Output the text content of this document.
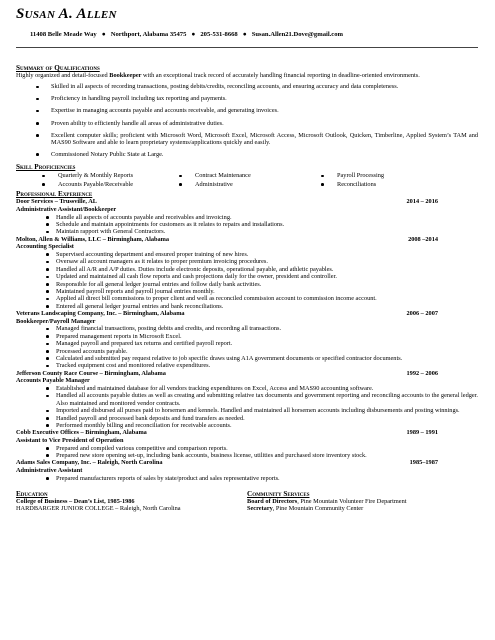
Susan A. Allen
11408 Belle Meade Way ● Northport, Alabama 35475 ● 205-531-8668 ● Susan.Allen21.Dove@gmail.com
Summary of Qualifications

Highly organized and detail-focused Bookkeeper with an exceptional track record of accurately handling financial reporting in deadline-oriented environments.

Skilled in all aspects of recording transactions, posting debits/credits, reconciling accounts, and ensuring accuracy and data completeness.
Proficiency in handling payroll including tax reporting and payments.
Expertise in managing accounts payable and accounts receivable, and generating invoices.
Proven ability to efficiently handle all areas of administrative duties.
Excellent computer skills; proficient with Microsoft Word, Microsoft Excel, Microsoft Access, Microsoft Outlook, Quicken, Timberline, Applied System’s TAM and MAS90 Software and able to learn proprietary systems/applications quickly and easily.
Commissioned Notary Public State at Large.
Skill Proficiencies
Quarterly & Monthly Reports	Contract Maintenance	Payroll Processing
Accounts Payable/Receivable	Administrative	Reconciliations
Professional Experience
Door Services – Trussville, AL	2014 – 2016
Administrative Assistant/Bookkeeper
Handle all aspects of accounts payable and receivables and invoicing.
Schedule and maintain appointments for customers as it relates to repairs and installations.
Maintain rapport with General Contractors.
Molton, Allen & Williams, LLC – Birmingham, Alabama	2008 –2014
Accounting Specialist
Supervised accounting department and ensured proper training of new hires.
Oversaw all account managers as it relates to proper premium invoicing procedures.
Handled all A/R and A/P duties. Duties include electronic deposits, operational payable, and athletic payables.
Updated and maintained all cash flow reports and cash projections daily for the owner, president and controller.
Responsible for all general ledger journal entries and follow daily bank activities.
Maintained payroll reports and payroll journal entries monthly.
Applied all direct bill commissions to proper client and well as reconciled commission account to commission income account.
Entered all general ledger journal entries and bank reconciliations.
Veterans Landscaping Company, Inc. – Birmingham, Alabama	2006 – 2007
Bookkeeper/Payroll Manager
Managed financial transactions, posting debits and credits, and recording all transactions.
Prepared management reports in Microsoft Excel.
Managed payroll and prepared tax returns and certified payroll report.
Processed accounts payable.
Calculated and submitted pay request relative to job specific draws using A1A government documents or specified contractor documents.
Tracked equipment cost and monitored relative expenditures.
Jefferson County Race Course – Birmingham, Alabama	1992 – 2006
Accounts Payable Manager
Established and maintained database for all vendors tracking expenditures on Excel, Access and MAS90 accounting software.
Handled all accounts payable duties as well as creating and submitting relative tax documents and government reporting and reconciling accounts to the general ledger. Also maintained and monitored vendor contracts.
Imported and disbursed all purses paid to horsemen and kennels. Handled and maintained all horsemen accounts including disbursements and posting winnings.
Handled payroll and processed bank deposits and fund transfers as needed.
Performed monthly billing and reconciliation for receivable accounts.
Cobb Executive Offices – Birmingham, Alabama	1989 – 1991
Assistant to Vice President of Operation
Prepared and compiled various competitive and comparison reports.
Prepared new store opening set-up, including bank accounts, business license, utilities and purchased store inventory stock.
Adams Sales Company, Inc. – Raleigh, North Carolina	1985–1987
Administrative Assistant
Prepared manufacturers reports of sales by state/product and sales representative reports.
Education
College of Business – Dean’s List, 1985-1986
HARDBARGER JUNIOR COLLEGE – Raleigh, North Carolina
Community Services
Board of Directors, Pine Mountain Volunteer Fire Department
Secretary, Pine Mountain Community Center
